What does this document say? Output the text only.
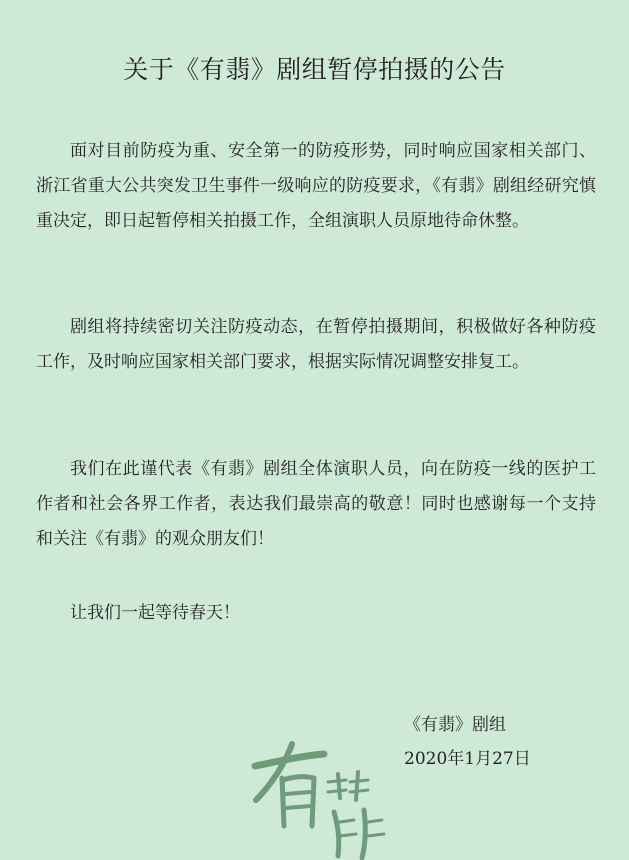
关于《有翡》剧组暂停拍摄的公告
面对目前防疫为重、安全第一的防疫形势，同时响应国家相关部门、浙江省重大公共突发卫生事件一级响应的防疫要求，《有翡》剧组经研究慎重决定，即日起暂停相关拍摄工作，全组演职人员原地待命休整。
剧组将持续密切关注防疫动态，在暂停拍摄期间，积极做好各种防疫工作，及时响应国家相关部门要求，根据实际情况调整安排复工。
我们在此谨代表《有翡》剧组全体演职人员，向在防疫一线的医护工作者和社会各界工作者，表达我们最崇高的敬意！同时也感谢每一个支持和关注《有翡》的观众朋友们！
让我们一起等待春天！
《有翡》剧组
2020年1月27日
